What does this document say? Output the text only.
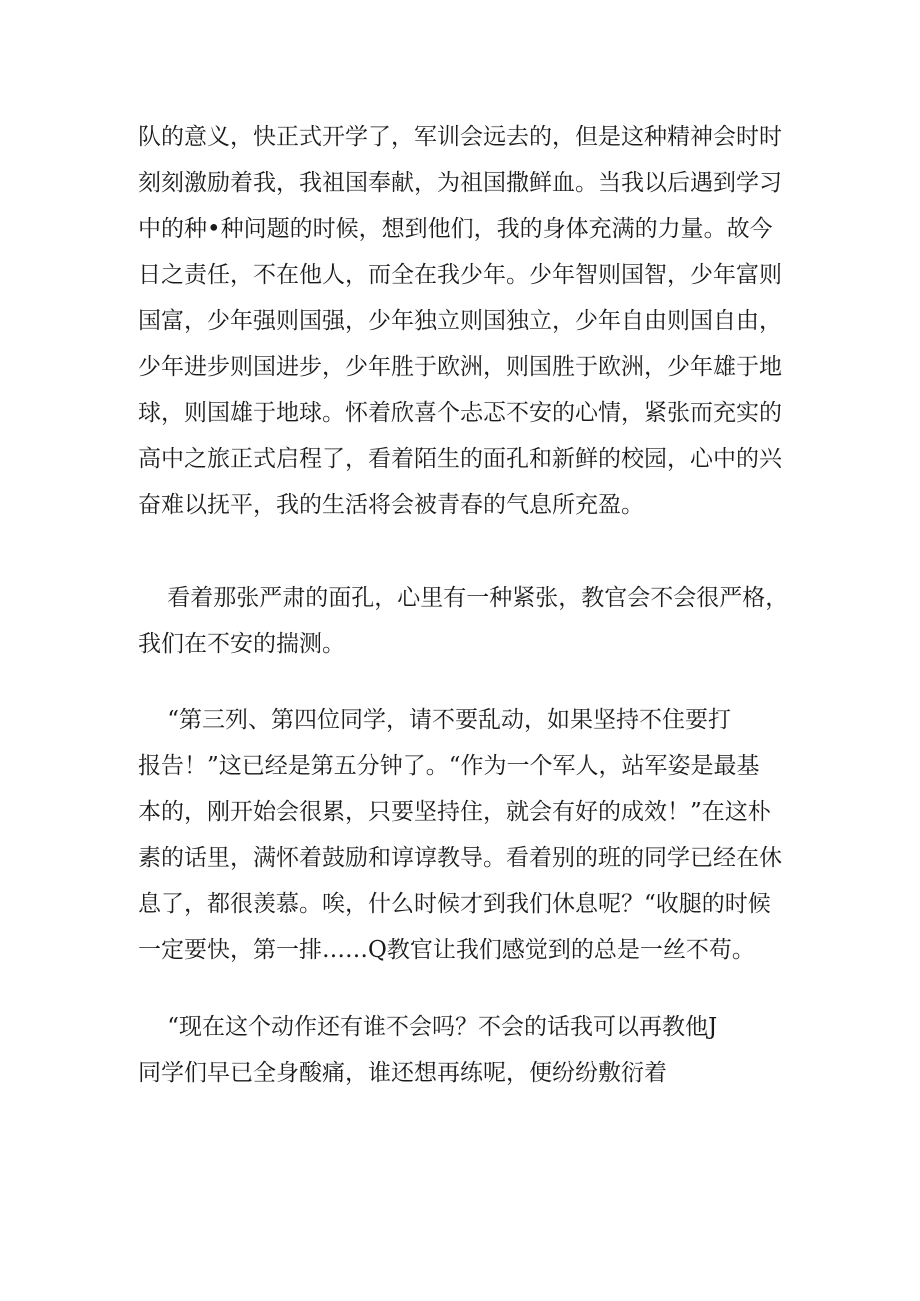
队的意义，快正式开学了，军训会远去的，但是这种精神会时时
刻刻激励着我，我祖国奉献，为祖国撒鲜血。当我以后遇到学习
中的种•种问题的时候，想到他们，我的身体充满的力量。故今
日之责任，不在他人，而全在我少年。少年智则国智，少年富则
国富，少年强则国强，少年独立则国独立，少年自由则国自由，
少年进步则国进步，少年胜于欧洲，则国胜于欧洲，少年雄于地
球，则国雄于地球。怀着欣喜个忐忑不安的心情，紧张而充实的
高中之旅正式启程了，看着陌生的面孔和新鲜的校园，心中的兴
奋难以抚平，我的生活将会被青春的气息所充盈。
看着那张严肃的面孔，心里有一种紧张，教官会不会很严格，
我们在不安的揣测。
“第三列、第四位同学，请不要乱动，如果坚持不住要打
报告！”这已经是第五分钟了。“作为一个军人，站军姿是最基
本的，刚开始会很累，只要坚持住，就会有好的成效！”在这朴
素的话里，满怀着鼓励和谆谆教导。看着别的班的同学已经在休
息了，都很羡慕。唉，什么时候才到我们休息呢？“收腿的时候
一定要快，第一排……Q教官让我们感觉到的总是一丝不苟。
“现在这个动作还有谁不会吗？不会的话我可以再教他J
同学们早已全身酸痛，谁还想再练呢，便纷纷敷衍着
